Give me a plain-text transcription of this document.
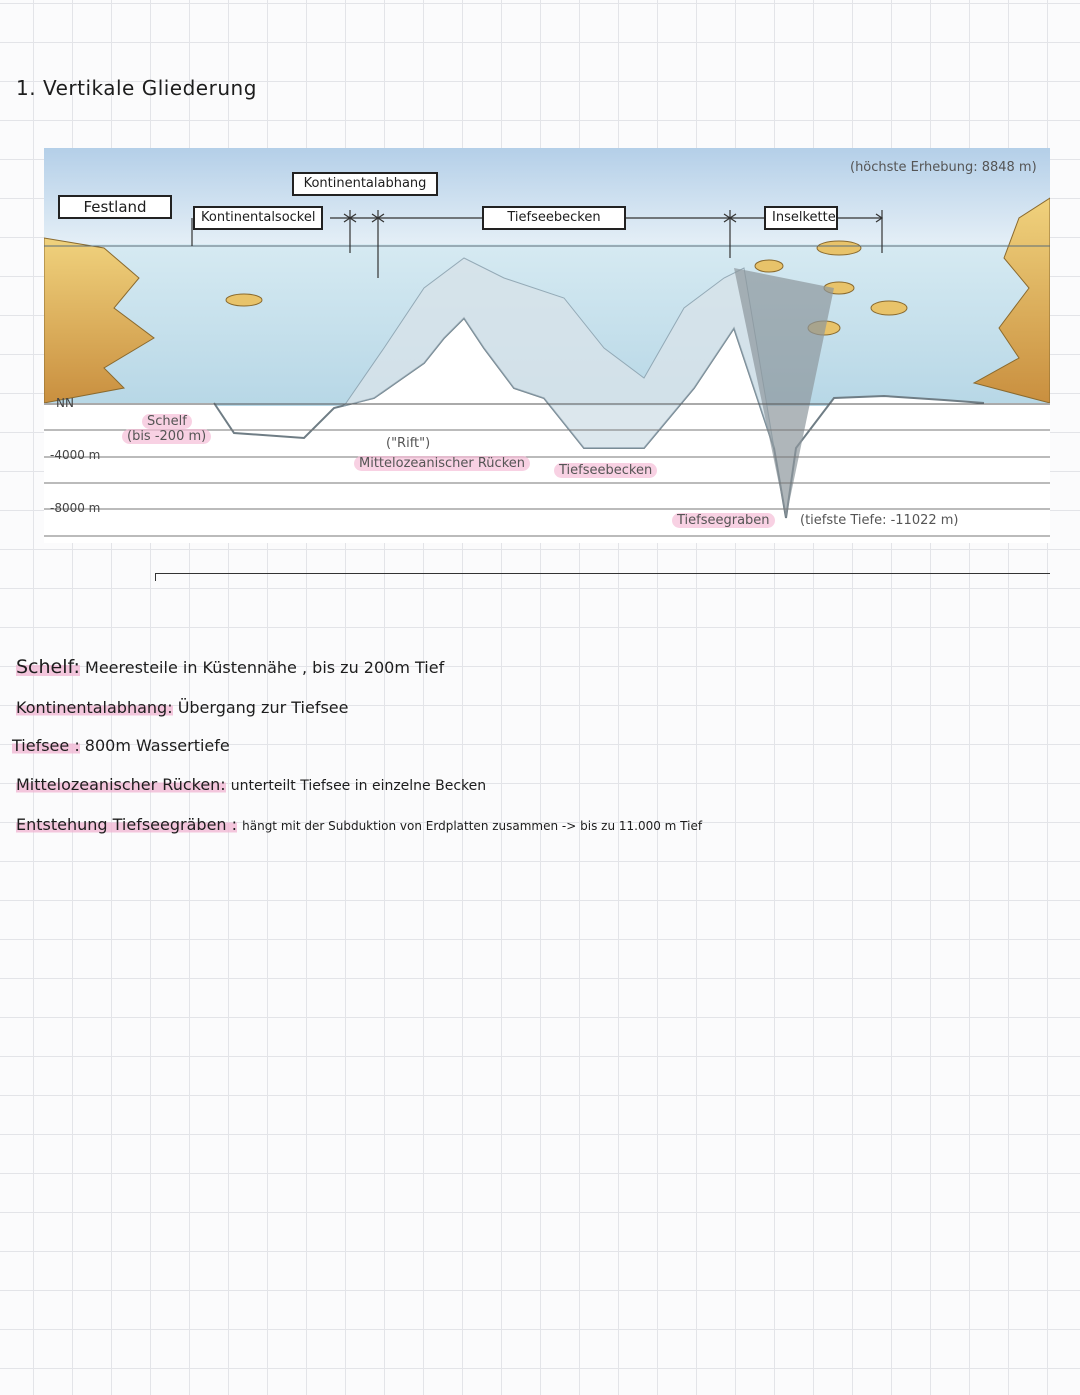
1. Vertikale Gliederung
Festland
Kontinentalsockel
Kontinentalabhang
Tiefseebecken	Inselkette
(höchste Erhebung: 8848 m)
NN
-4000 m
-8000 m
Schelf
(bis -200 m)	("Rift")
Mittelozeanischer Rücken	Tiefseebecken
Tiefseegraben	(tiefste Tiefe: -11022 m)
Schelf: Meeresteile in Küstennähe , bis zu 200m Tief
Kontinentalabhang: Übergang zur Tiefsee
Tiefsee : 800m Wassertiefe
Mittelozeanischer Rücken: unterteilt Tiefsee in einzelne Becken
Entstehung Tiefseegräben : hängt mit der Subduktion von Erdplatten zusammen -> bis zu 11.000 m Tief
